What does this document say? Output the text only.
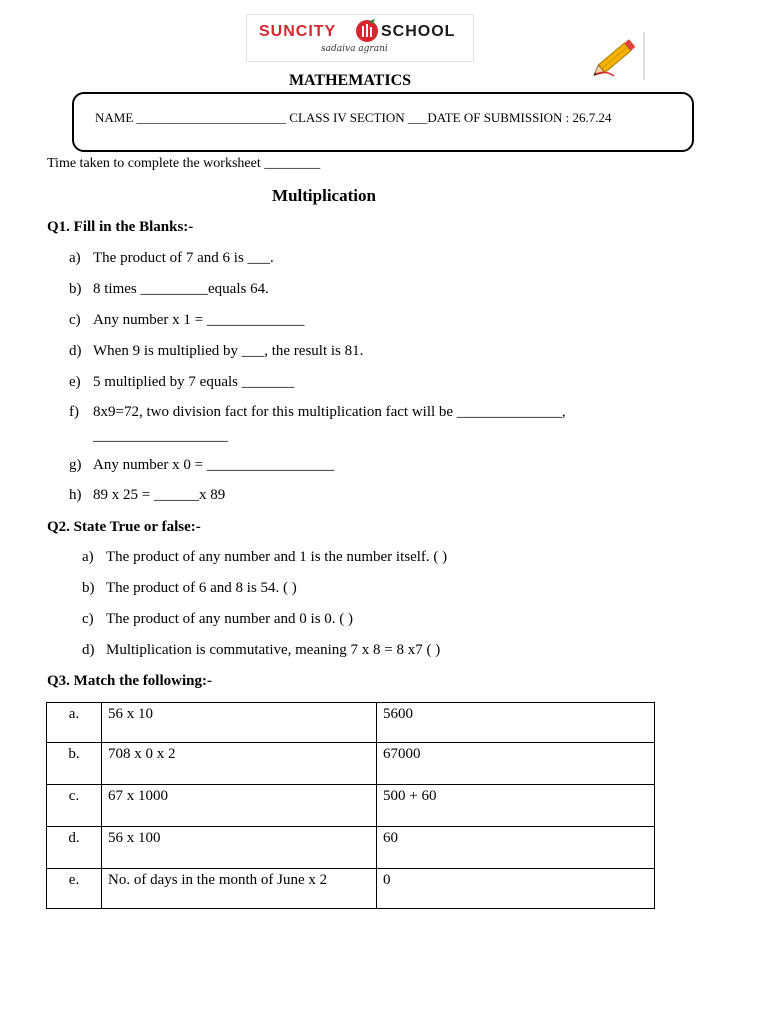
SUNCITY	SCHOOL
sadaiva agrani
MATHEMATICS
NAME _______________________ CLASS IV SECTION ___DATE OF SUBMISSION : 26.7.24
Time taken to complete the worksheet ________
Multiplication
Q1. Fill in the Blanks:-
a) The product of 7 and 6 is ___.
b) 8 times _________equals 64.
c) Any number x 1 = _____________
d) When 9 is multiplied by ___, the result is 81.
e) 5 multiplied by 7 equals _______
f) 8x9=72, two division fact for this multiplication fact will be ______________,
__________________
g) Any number x 0 = _________________
h) 89 x 25 = ______x 89
Q2. State True or false:-
a) The product of any number and 1 is the number itself. ( )
b) The product of 6 and 8 is 54. ( )
c) The product of any number and 0 is 0. ( )
d) Multiplication is commutative, meaning 7 x 8 = 8 x7 ( )
Q3. Match the following:-
a.	56 x 10	5600
b.	708 x 0 x 2	67000
c.	67 x 1000	500 + 60
d.	56 x 100	60
e.	No. of days in the month of June x 2	0
